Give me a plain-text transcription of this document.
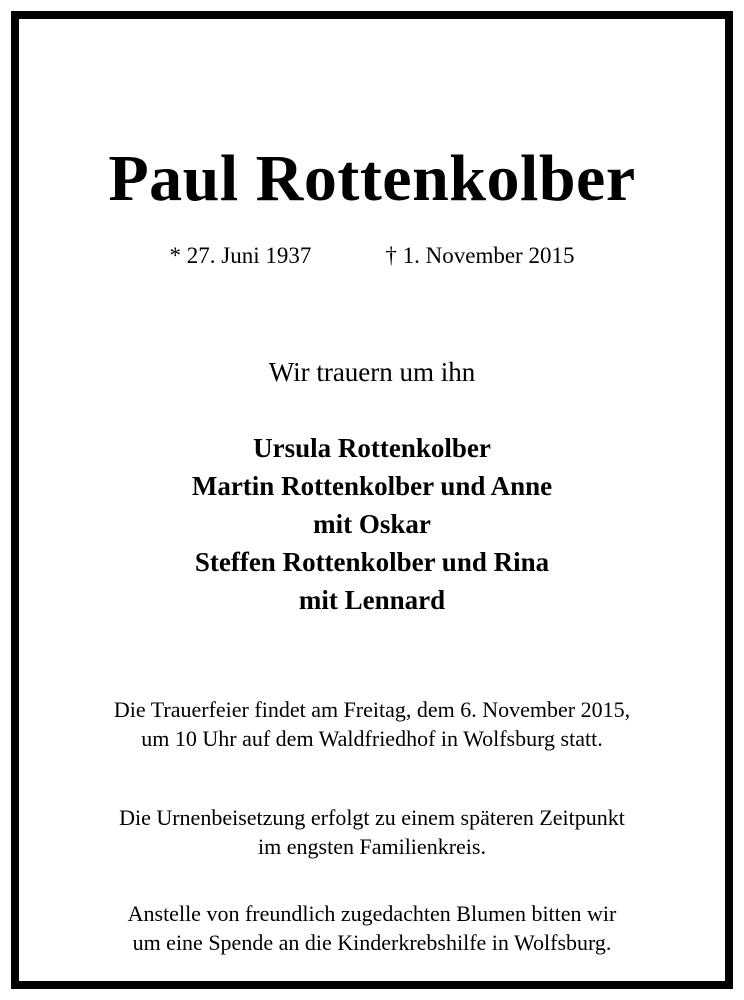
Paul Rottenkolber
* 27. Juni 1937	† 1. November 2015
Wir trauern um ihn
Ursula Rottenkolber
Martin Rottenkolber und Anne
mit Oskar
Steffen Rottenkolber und Rina
mit Lennard
Die Trauerfeier findet am Freitag, dem 6. November 2015,
um 10 Uhr auf dem Waldfriedhof in Wolfsburg statt.
Die Urnenbeisetzung erfolgt zu einem späteren Zeitpunkt
im engsten Familienkreis.
Anstelle von freundlich zugedachten Blumen bitten wir
um eine Spende an die Kinderkrebshilfe in Wolfsburg.
